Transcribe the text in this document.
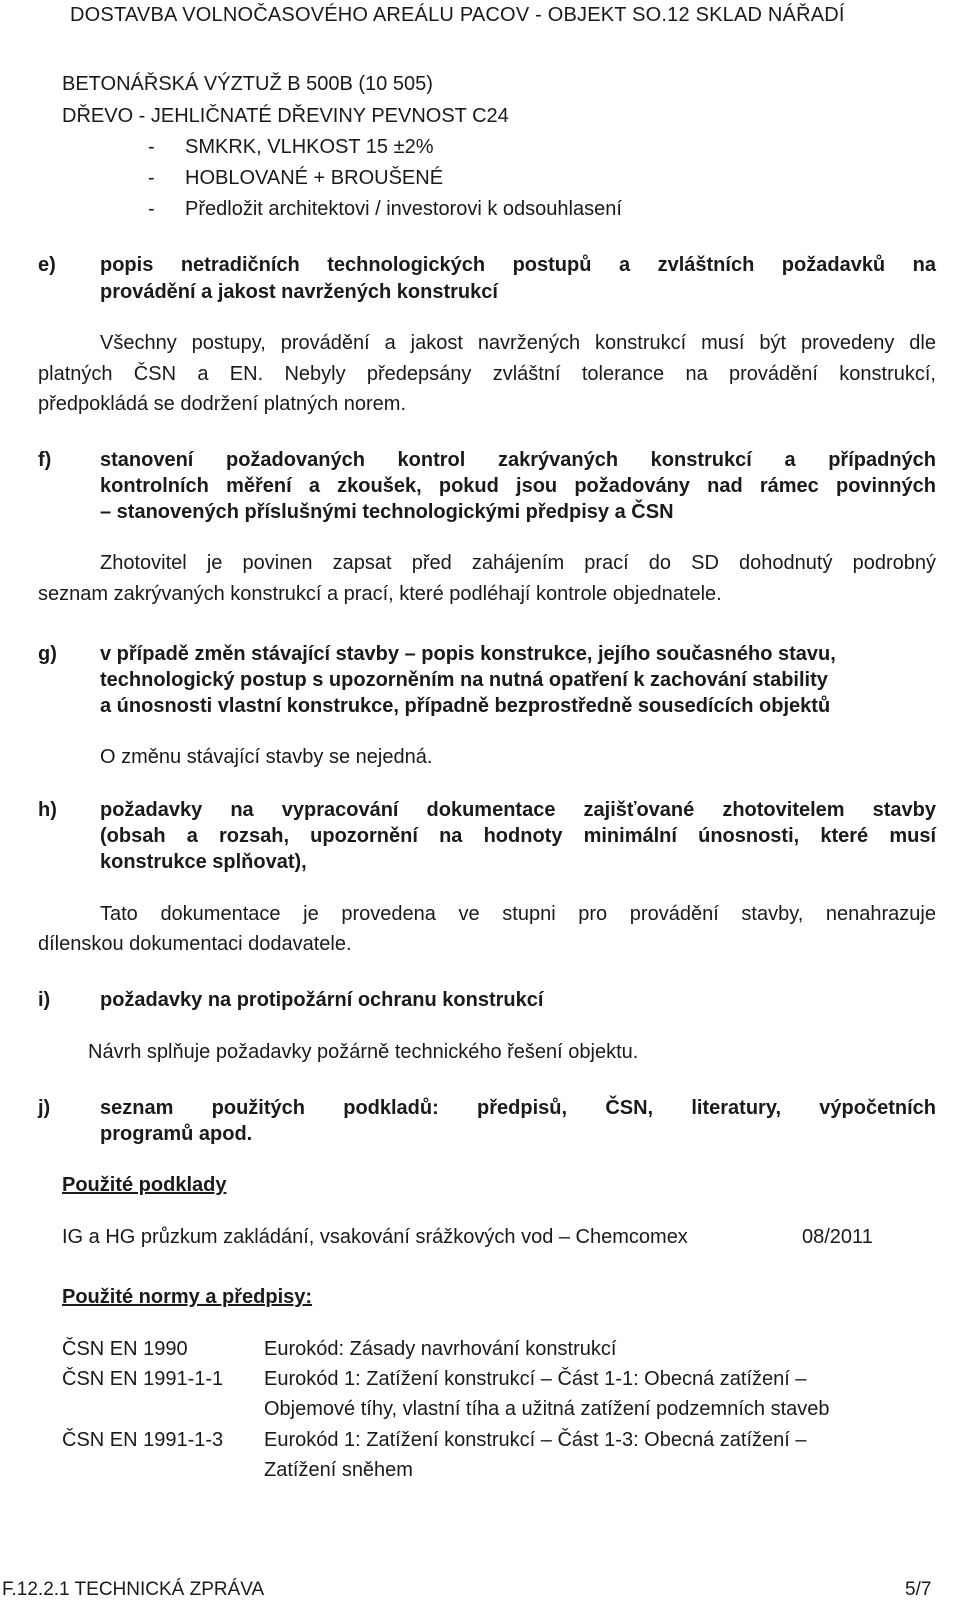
DOSTAVBA VOLNOČASOVÉHO AREÁLU PACOV - OBJEKT SO.12 SKLAD NÁŘADÍ
BETONÁŘSKÁ VÝZTUŽ B 500B (10 505)
DŘEVO - JEHLIČNATÉ DŘEVINY PEVNOST C24
- SMKRK, VLHKOST 15 ±2%
- HOBLOVANÉ + BROUŠENÉ
- Předložit architektovi / investorovi k odsouhlasení
e) popis netradičních technologických postupů a zvláštních požadavků na
provádění a jakost navržených konstrukcí
Všechny postupy, provádění a jakost navržených konstrukcí musí být provedeny dle
platných ČSN a EN. Nebyly předepsány zvláštní tolerance na provádění konstrukcí,
předpokládá se dodržení platných norem.
f) stanovení požadovaných kontrol zakrývaných konstrukcí a případných
kontrolních měření a zkoušek, pokud jsou požadovány nad rámec povinných
– stanovených příslušnými technologickými předpisy a ČSN
Zhotovitel je povinen zapsat před zahájením prací do SD dohodnutý podrobný
seznam zakrývaných konstrukcí a prací, které podléhají kontrole objednatele.
g) v případě změn stávající stavby – popis konstrukce, jejího současného stavu,
technologický postup s upozorněním na nutná opatření k zachování stability
a únosnosti vlastní konstrukce, případně bezprostředně sousedících objektů
O změnu stávající stavby se nejedná.
h) požadavky na vypracování dokumentace zajišťované zhotovitelem stavby
(obsah a rozsah, upozornění na hodnoty minimální únosnosti, které musí
konstrukce splňovat),
Tato dokumentace je provedena ve stupni pro provádění stavby, nenahrazuje
dílenskou dokumentaci dodavatele.
i) požadavky na protipožární ochranu konstrukcí
Návrh splňuje požadavky požárně technického řešení objektu.
j) seznam použitých podkladů: předpisů, ČSN, literatury, výpočetních
programů apod.
Použité podklady
IG a HG průzkum zakládání, vsakování srážkových vod – Chemcomex	08/2011
Použité normy a předpisy:
ČSN EN 1990	Eurokód: Zásady navrhování konstrukcí
ČSN EN 1991-1-1 Eurokód 1: Zatížení konstrukcí – Část 1-1: Obecná zatížení –
Objemové tíhy, vlastní tíha a užitná zatížení podzemních staveb
ČSN EN 1991-1-3 Eurokód 1: Zatížení konstrukcí – Část 1-3: Obecná zatížení –
Zatížení sněhem
F.12.2.1 TECHNICKÁ ZPRÁVA	5/7
